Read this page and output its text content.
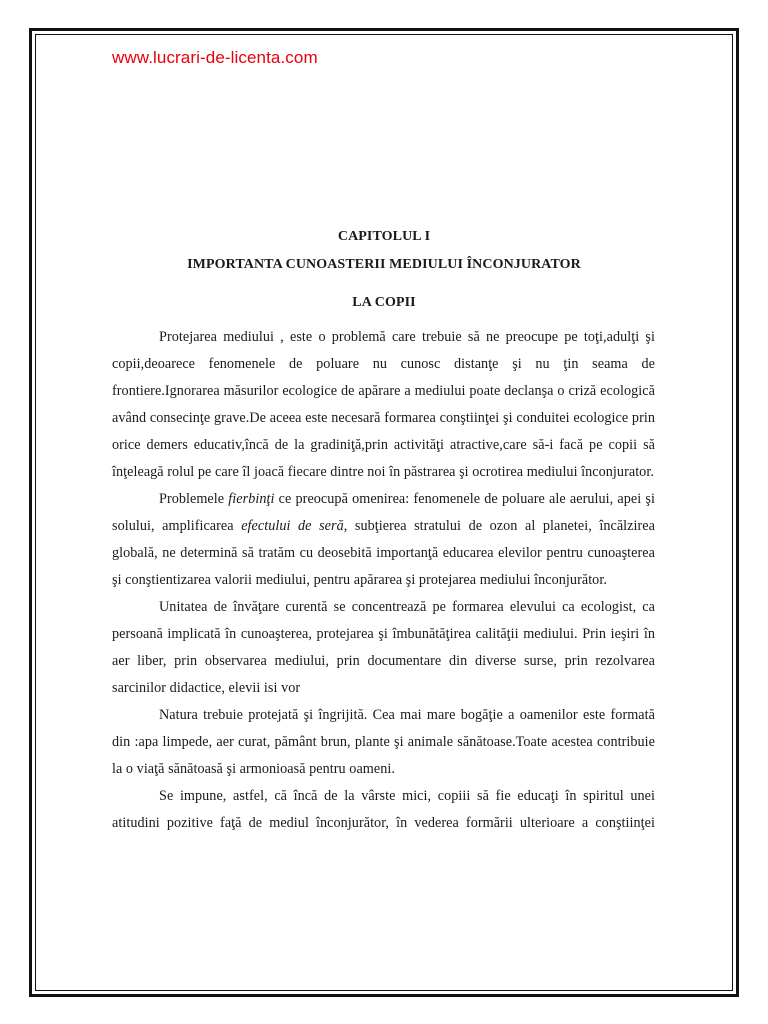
www.lucrari-de-licenta.com
CAPITOLUL I
IMPORTANTA CUNOASTERII MEDIULUI ÎNCONJURATOR
LA COPII

Protejarea mediului , este o problemă care trebuie să ne preocupe pe toţi,adulţi şi copii,deoarece fenomenele de poluare nu cunosc distanţe şi nu ţin seama de frontiere.Ignorarea măsurilor ecologice de apărare a mediului poate declanşa o criză ecologică având consecinţe grave.De aceea este necesară formarea conştiinţei şi conduitei ecologice prin orice demers educativ,încă de la gradiniţă,prin activităţi atractive,care să-i facă pe copii să înţeleagă rolul pe care îl joacă fiecare dintre noi în păstrarea şi ocrotirea mediului înconjurator.

Problemele fierbinţi ce preocupă omenirea: fenomenele de poluare ale aerului, apei şi solului, amplificarea efectului de seră, subţierea stratului de ozon al planetei, încălzirea globală, ne determină să tratăm cu deosebită importanţă educarea elevilor pentru cunoaşterea şi conştientizarea valorii mediului, pentru apărarea şi protejarea mediului înconjurător.

Unitatea de învăţare curentă se concentrează pe formarea elevului ca ecologist, ca persoană implicată în cunoaşterea, protejarea şi îmbunătăţirea calităţii mediului. Prin ieşiri în aer liber, prin observarea mediului, prin documentare din diverse surse, prin rezolvarea sarcinilor didactice, elevii isi vor

Natura trebuie protejată şi îngrijită. Cea mai mare bogăţie a oamenilor este formată din :apa limpede, aer curat, pământ brun, plante şi animale sănătoase.Toate acestea contribuie la o viaţă sănătoasă şi armonioasă pentru oameni.

Se impune, astfel, că încă de la vârste mici, copiii să fie educaţi în spiritul unei atitudini pozitive faţă de mediul înconjurător, în vederea formării ulterioare a conştiinţei
